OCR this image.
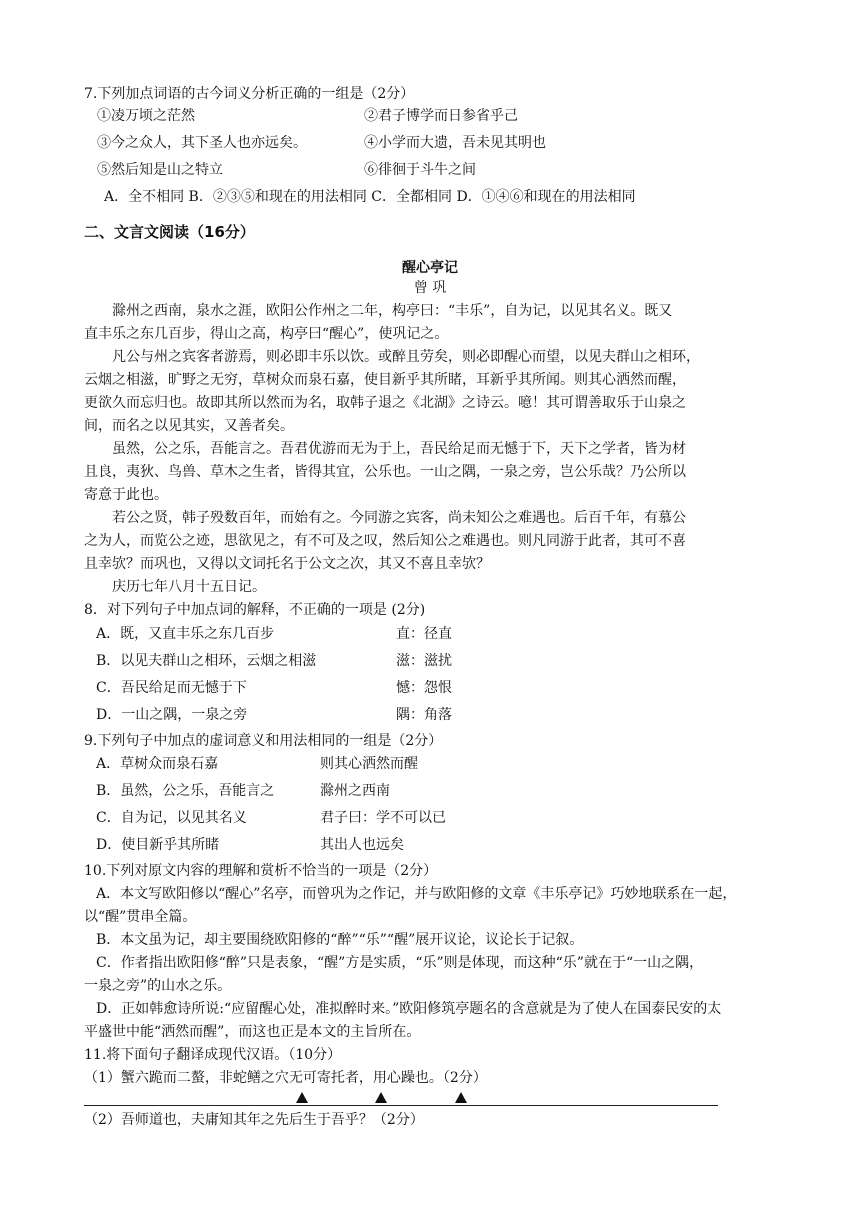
7.下列加点词语的古今词义分析正确的一组是（2分）
①凌万顷之茫然	②君子博学而日参省乎己
③今之众人，其下圣人也亦远矣。	④小学而大遗，吾未见其明也
⑤然后知是山之特立	⑥徘徊于斗牛之间
A．全不相同 B．②③⑤和现在的用法相同 C．全都相同 D．①④⑥和现在的用法相同
二、文言文阅读（16分）
醒心亭记
曾 巩
滁州之西南，泉水之涯，欧阳公作州之二年，构亭曰：“丰乐”，自为记，以见其名义。既又
直丰乐之东几百步，得山之高，构亭曰“醒心”，使巩记之。
凡公与州之宾客者游焉，则必即丰乐以饮。或醉且劳矣，则必即醒心而望，以见夫群山之相环，
云烟之相滋，旷野之无穷，草树众而泉石嘉，使目新乎其所睹，耳新乎其所闻。则其心洒然而醒，
更欲久而忘归也。故即其所以然而为名，取韩子退之《北湖》之诗云。噫！其可谓善取乐于山泉之
间，而名之以见其实，又善者矣。
虽然，公之乐，吾能言之。吾君优游而无为于上，吾民给足而无憾于下，天下之学者，皆为材
且良，夷狄、鸟兽、草木之生者，皆得其宜，公乐也。一山之隅，一泉之旁，岂公乐哉？乃公所以
寄意于此也。
若公之贤，韩子殁数百年，而始有之。今同游之宾客，尚未知公之难遇也。后百千年，有慕公
之为人，而览公之迹，思欲见之，有不可及之叹，然后知公之难遇也。则凡同游于此者，其可不喜
且幸欤？而巩也，又得以文词托名于公文之次，其又不喜且幸欤？
庆历七年八月十五日记。
8．对下列句子中加点词的解释，不正确的一项是 (2分)
A．既，又直丰乐之东几百步	直：径直
B．以见夫群山之相环，云烟之相滋	滋：滋扰
C．吾民给足而无憾于下	憾：怨恨
D．一山之隅，一泉之旁	隅：角落
9.下列句子中加点的虚词意义和用法相同的一组是（2分）
A．草树众而泉石嘉	则其心洒然而醒
B．虽然，公之乐，吾能言之	滁州之西南
C．自为记，以见其名义	君子曰：学不可以已
D．使目新乎其所睹	其出人也远矣
10.下列对原文内容的理解和赏析不恰当的一项是（2分）
A．本文写欧阳修以“醒心”名亭，而曾巩为之作记，并与欧阳修的文章《丰乐亭记》巧妙地联系在一起，
以“醒”贯串全篇。
B．本文虽为记，却主要围绕欧阳修的“醉”“乐”“醒”展开议论，议论长于记叙。
C．作者指出欧阳修“醉”只是表象，“醒”方是实质，“乐”则是体现，而这种“乐”就在于“一山之隅，
一泉之旁”的山水之乐。
D．正如韩愈诗所说:“应留醒心处，准拟醉时来。”欧阳修筑亭题名的含意就是为了使人在国泰民安的太
平盛世中能“洒然而醒”，而这也正是本文的主旨所在。
11.将下面句子翻译成现代汉语。（10分）
（1）蟹六跪而二螯，非蛇鳝之穴无可寄托者，用心躁也。（2分）
（2）吾师道也，夫庸知其年之先后生于吾乎？（2分）
